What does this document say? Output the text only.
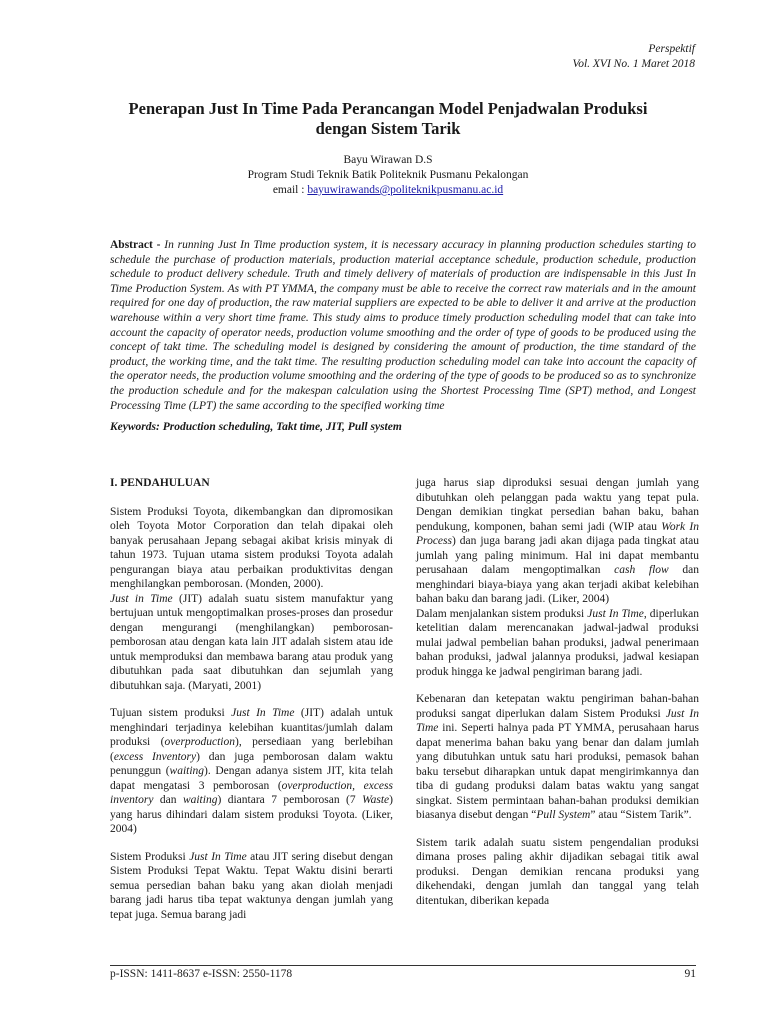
Perspektif
Vol. XVI No. 1 Maret 2018
Penerapan Just In Time Pada Perancangan Model Penjadwalan Produksi
dengan Sistem Tarik
Bayu Wirawan D.S
Program Studi Teknik Batik Politeknik Pusmanu Pekalongan
email : bayuwirawands@politeknikpusmanu.ac.id
Abstract - In running Just In Time production system, it is necessary accuracy in planning production schedules starting to schedule the purchase of production materials, production material acceptance schedule, production schedule, production schedule to product delivery schedule. Truth and timely delivery of materials of production are indispensable in this Just In Time Production System. As with PT YMMA, the company must be able to receive the correct raw materials and in the amount required for one day of production, the raw material suppliers are expected to be able to deliver it and arrive at the production warehouse within a very short time frame. This study aims to produce timely production scheduling model that can take into account the capacity of operator needs, production volume smoothing and the order of type of goods to be produced using the concept of takt time. The scheduling model is designed by considering the amount of production, the time standard of the product, the working time, and the takt time. The resulting production scheduling model can take into account the capacity of the operator needs, the production volume smoothing and the ordering of the type of goods to be produced so as to synchronize the production schedule and for the makespan calculation using the Shortest Processing Time (SPT) method, and Longest Processing Time (LPT) the same according to the specified working time
Keywords: Production scheduling, Takt time, JIT, Pull system
I. PENDAHULUAN

Sistem Produksi Toyota, dikembangkan dan dipromosikan oleh Toyota Motor Corporation dan telah dipakai oleh banyak perusahaan Jepang sebagai akibat krisis minyak di tahun 1973. Tujuan utama sistem produksi Toyota adalah pengurangan biaya atau perbaikan produktivitas dengan menghilangkan pemborosan. (Monden, 2000).

Just in Time (JIT) adalah suatu sistem manufaktur yang bertujuan untuk mengoptimalkan proses-proses dan prosedur dengan mengurangi (menghilangkan) pemborosan-pemborosan atau dengan kata lain JIT adalah sistem atau ide untuk memproduksi dan membawa barang atau produk yang dibutuhkan pada saat dibutuhkan dan sejumlah yang dibutuhkan saja. (Maryati, 2001)

Tujuan sistem produksi Just In Time (JIT) adalah untuk menghindari terjadinya kelebihan kuantitas/jumlah dalam produksi (overproduction), persediaan yang berlebihan (excess Inventory) dan juga pemborosan dalam waktu penunggun (waiting). Dengan adanya sistem JIT, kita telah dapat mengatasi 3 pemborosan (overproduction, excess inventory dan waiting) diantara 7 pemborosan (7 Waste) yang harus dihindari dalam sistem produksi Toyota. (Liker, 2004)

Sistem Produksi Just In Time atau JIT sering disebut dengan Sistem Produksi Tepat Waktu. Tepat Waktu disini berarti semua persedian bahan baku yang akan diolah menjadi barang jadi harus tiba tepat waktunya dengan jumlah yang tepat juga. Semua barang jadi

juga harus siap diproduksi sesuai dengan jumlah yang dibutuhkan oleh pelanggan pada waktu yang tepat pula. Dengan demikian tingkat persedian bahan baku, bahan pendukung, komponen, bahan semi jadi (WIP atau Work In Process) dan juga barang jadi akan dijaga pada tingkat atau jumlah yang paling minimum. Hal ini dapat membantu perusahaan dalam mengoptimalkan cash flow dan menghindari biaya-biaya yang akan terjadi akibat kelebihan bahan baku dan barang jadi. (Liker, 2004)

Dalam menjalankan sistem produksi Just In Time, diperlukan ketelitian dalam merencanakan jadwal-jadwal produksi mulai jadwal pembelian bahan produksi, jadwal penerimaan bahan produksi, jadwal jalannya produksi, jadwal kesiapan produk hingga ke jadwal pengiriman barang jadi.

Kebenaran dan ketepatan waktu pengiriman bahan-bahan produksi sangat diperlukan dalam Sistem Produksi Just In Time ini. Seperti halnya pada PT YMMA, perusahaan harus dapat menerima bahan baku yang benar dan dalam jumlah yang dibutuhkan untuk satu hari produksi, pemasok bahan baku tersebut diharapkan untuk dapat mengirimkannya dan tiba di gudang produksi dalam batas waktu yang sangat singkat. Sistem permintaan bahan-bahan produksi demikian biasanya disebut dengan “Pull System” atau “Sistem Tarik”.

Sistem tarik adalah suatu sistem pengendalian produksi dimana proses paling akhir dijadikan sebagai titik awal produksi. Dengan demikian rencana produksi yang dikehendaki, dengan jumlah dan tanggal yang telah ditentukan, diberikan kepada

p-ISSN: 1411-8637 e-ISSN: 2550-1178	91
